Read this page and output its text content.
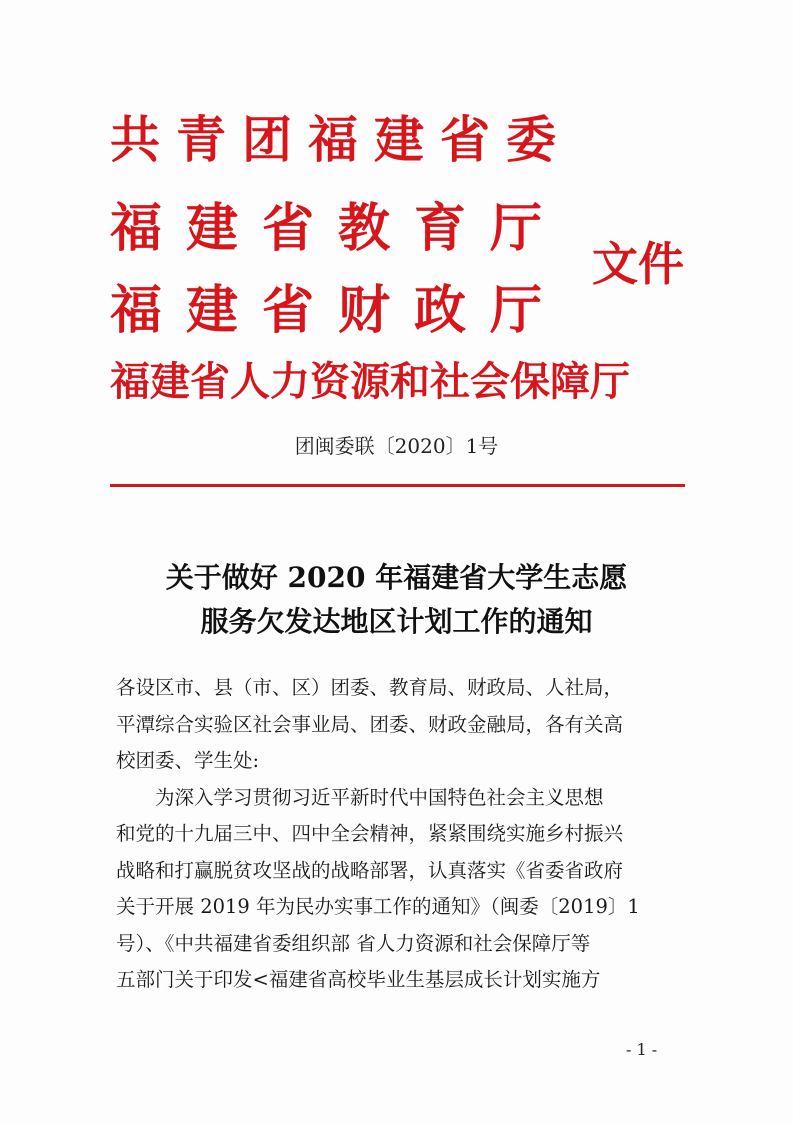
共青团福建省委
福建省教育厅
福建省财政厅
福建省人力资源和社会保障厅
文件
团闽委联〔2020〕1号
关于做好 2020 年福建省大学生志愿
服务欠发达地区计划工作的通知
各设区市、县（市、区）团委、教育局、财政局、人社局，
平潭综合实验区社会事业局、团委、财政金融局，各有关高
校团委、学生处:
为深入学习贯彻习近平新时代中国特色社会主义思想
和党的十九届三中、四中全会精神，紧紧围绕实施乡村振兴
战略和打赢脱贫攻坚战的战略部署，认真落实《省委省政府
关于开展 2019 年为民办实事工作的通知》（闽委〔2019〕1
号）、《中共福建省委组织部 省人力资源和社会保障厅等
五部门关于印发<福建省高校毕业生基层成长计划实施方
- 1 -
